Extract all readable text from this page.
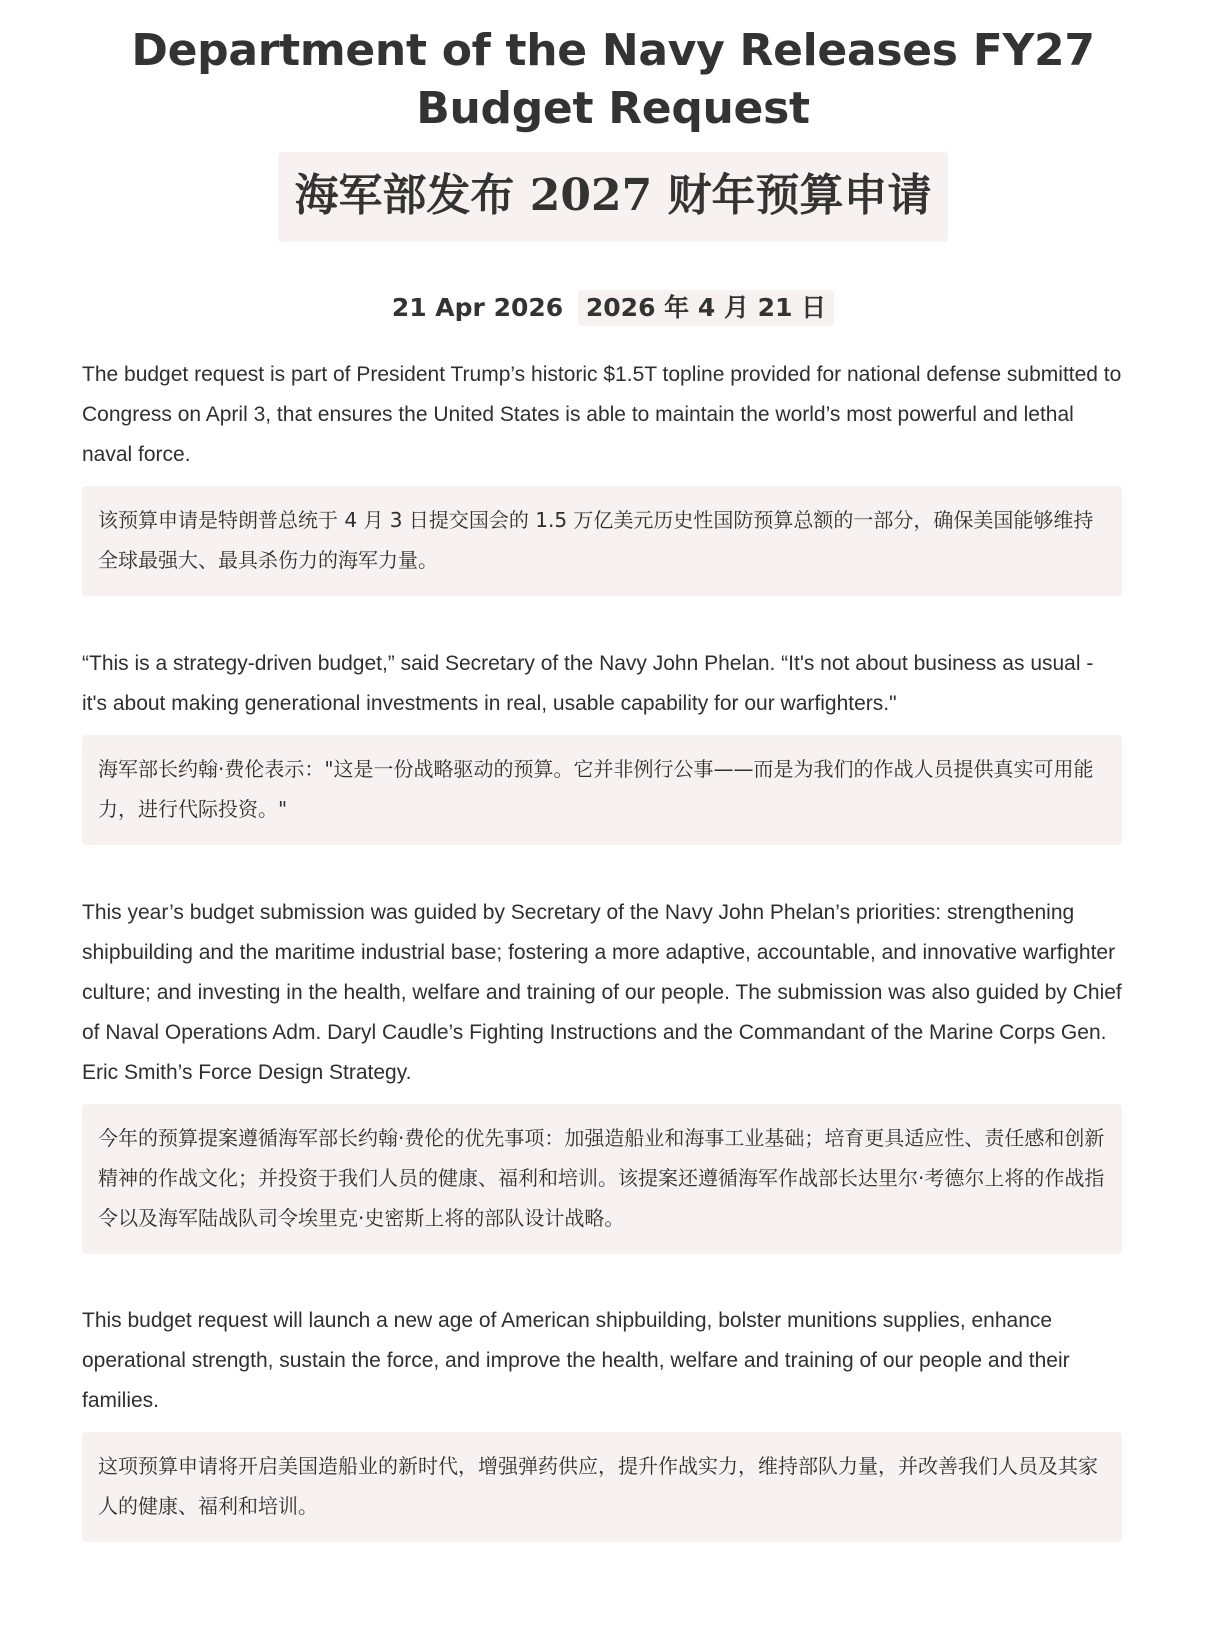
Department of the Navy Releases FY27 Budget Request
海军部发布 2027 财年预算申请
21 Apr 2026 2026 年 4 月 21 日

The budget request is part of President Trump’s historic $1.5T topline provided for national defense submitted to Congress on April 3, that ensures the United States is able to maintain the world’s most powerful and lethal naval force.

该预算申请是特朗普总统于 4 月 3 日提交国会的 1.5 万亿美元历史性国防预算总额的一部分，确保美国能够维持全球最强大、最具杀伤力的海军力量。

“This is a strategy-driven budget,” said Secretary of the Navy John Phelan. “It's not about business as usual - it's about making generational investments in real, usable capability for our warfighters."

海军部长约翰·费伦表示："这是一份战略驱动的预算。它并非例行公事——而是为我们的作战人员提供真实可用能力，进行代际投资。"

This year’s budget submission was guided by Secretary of the Navy John Phelan’s priorities: strengthening shipbuilding and the maritime industrial base; fostering a more adaptive, accountable, and innovative warfighter culture; and investing in the health, welfare and training of our people. The submission was also guided by Chief of Naval Operations Adm. Daryl Caudle’s Fighting Instructions and the Commandant of the Marine Corps Gen. Eric Smith’s Force Design Strategy.

今年的预算提案遵循海军部长约翰·费伦的优先事项：加强造船业和海事工业基础；培育更具适应性、责任感和创新精神的作战文化；并投资于我们人员的健康、福利和培训。该提案还遵循海军作战部长达里尔·考德尔上将的作战指令以及海军陆战队司令埃里克·史密斯上将的部队设计战略。

This budget request will launch a new age of American shipbuilding, bolster munitions supplies, enhance operational strength, sustain the force, and improve the health, welfare and training of our people and their families.

这项预算申请将开启美国造船业的新时代，增强弹药供应，提升作战实力，维持部队力量，并改善我们人员及其家人的健康、福利和培训。
